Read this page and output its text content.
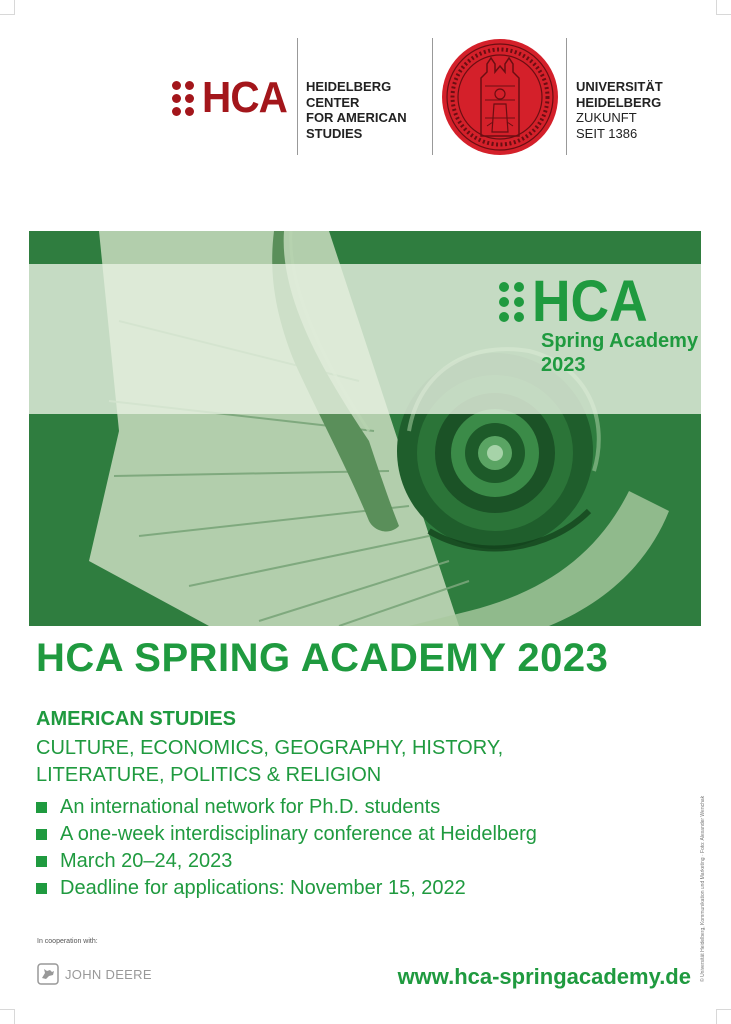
HCA HEIDELBERG
CENTER
FOR AMERICAN
STUDIES
UNIVERSITÄT
HEIDELBERG
ZUKUNFT
SEIT 1386
HCA
Spring Academy
2023
HCA SPRING ACADEMY 2023
AMERICAN STUDIES
CULTURE, ECONOMICS, GEOGRAPHY, HISTORY,
LITERATURE, POLITICS & RELIGION
An international network for Ph.D. students
A one-week interdisciplinary conference at Heidelberg
March 20–24, 2023
Deadline for applications: November 15, 2022
In cooperation with:
JOHN DEERE	www.hca-springacademy.de © Universität Heidelberg, Kommunikation und Marketing · Foto: Alexander Wenchak
